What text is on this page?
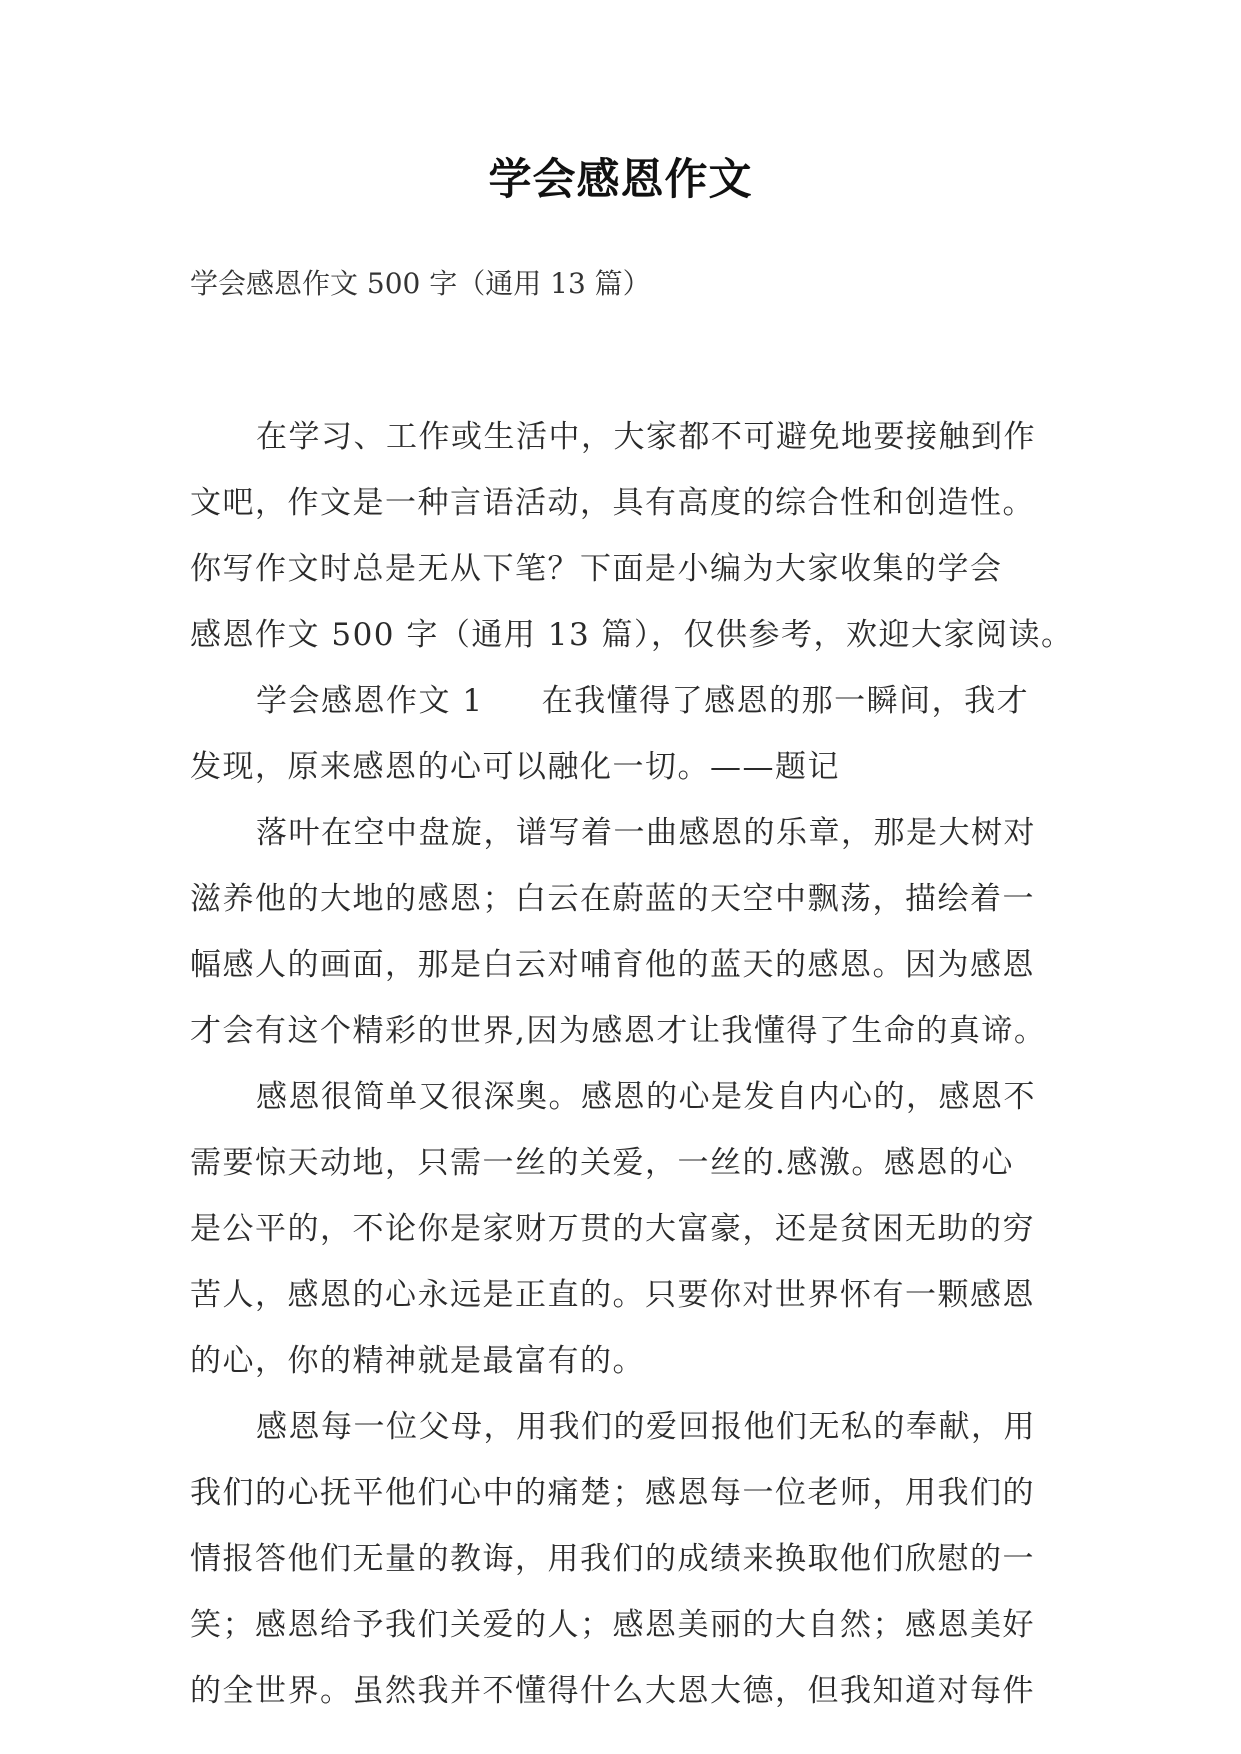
学会感恩作文
学会感恩作文 500 字（通用 13 篇）
在学习、工作或生活中，大家都不可避免地要接触到作
文吧，作文是一种言语活动，具有高度的综合性和创造性。
你写作文时总是无从下笔？下面是小编为大家收集的学会
感恩作文 500 字（通用 13 篇），仅供参考，欢迎大家阅读。
学会感恩作文 1 在我懂得了感恩的那一瞬间，我才
发现，原来感恩的心可以融化一切。——题记
落叶在空中盘旋，谱写着一曲感恩的乐章，那是大树对
滋养他的大地的感恩；白云在蔚蓝的天空中飘荡，描绘着一
幅感人的画面，那是白云对哺育他的蓝天的感恩。因为感恩
才会有这个精彩的世界,因为感恩才让我懂得了生命的真谛。
感恩很简单又很深奥。感恩的心是发自内心的，感恩不
需要惊天动地，只需一丝的关爱，一丝的.感激。感恩的心
是公平的，不论你是家财万贯的大富豪，还是贫困无助的穷
苦人，感恩的心永远是正直的。只要你对世界怀有一颗感恩
的心，你的精神就是最富有的。
感恩每一位父母，用我们的爱回报他们无私的奉献，用
我们的心抚平他们心中的痛楚；感恩每一位老师，用我们的
情报答他们无量的教诲，用我们的成绩来换取他们欣慰的一
笑；感恩给予我们关爱的人；感恩美丽的大自然；感恩美好
的全世界。虽然我并不懂得什么大恩大德，但我知道对每件
